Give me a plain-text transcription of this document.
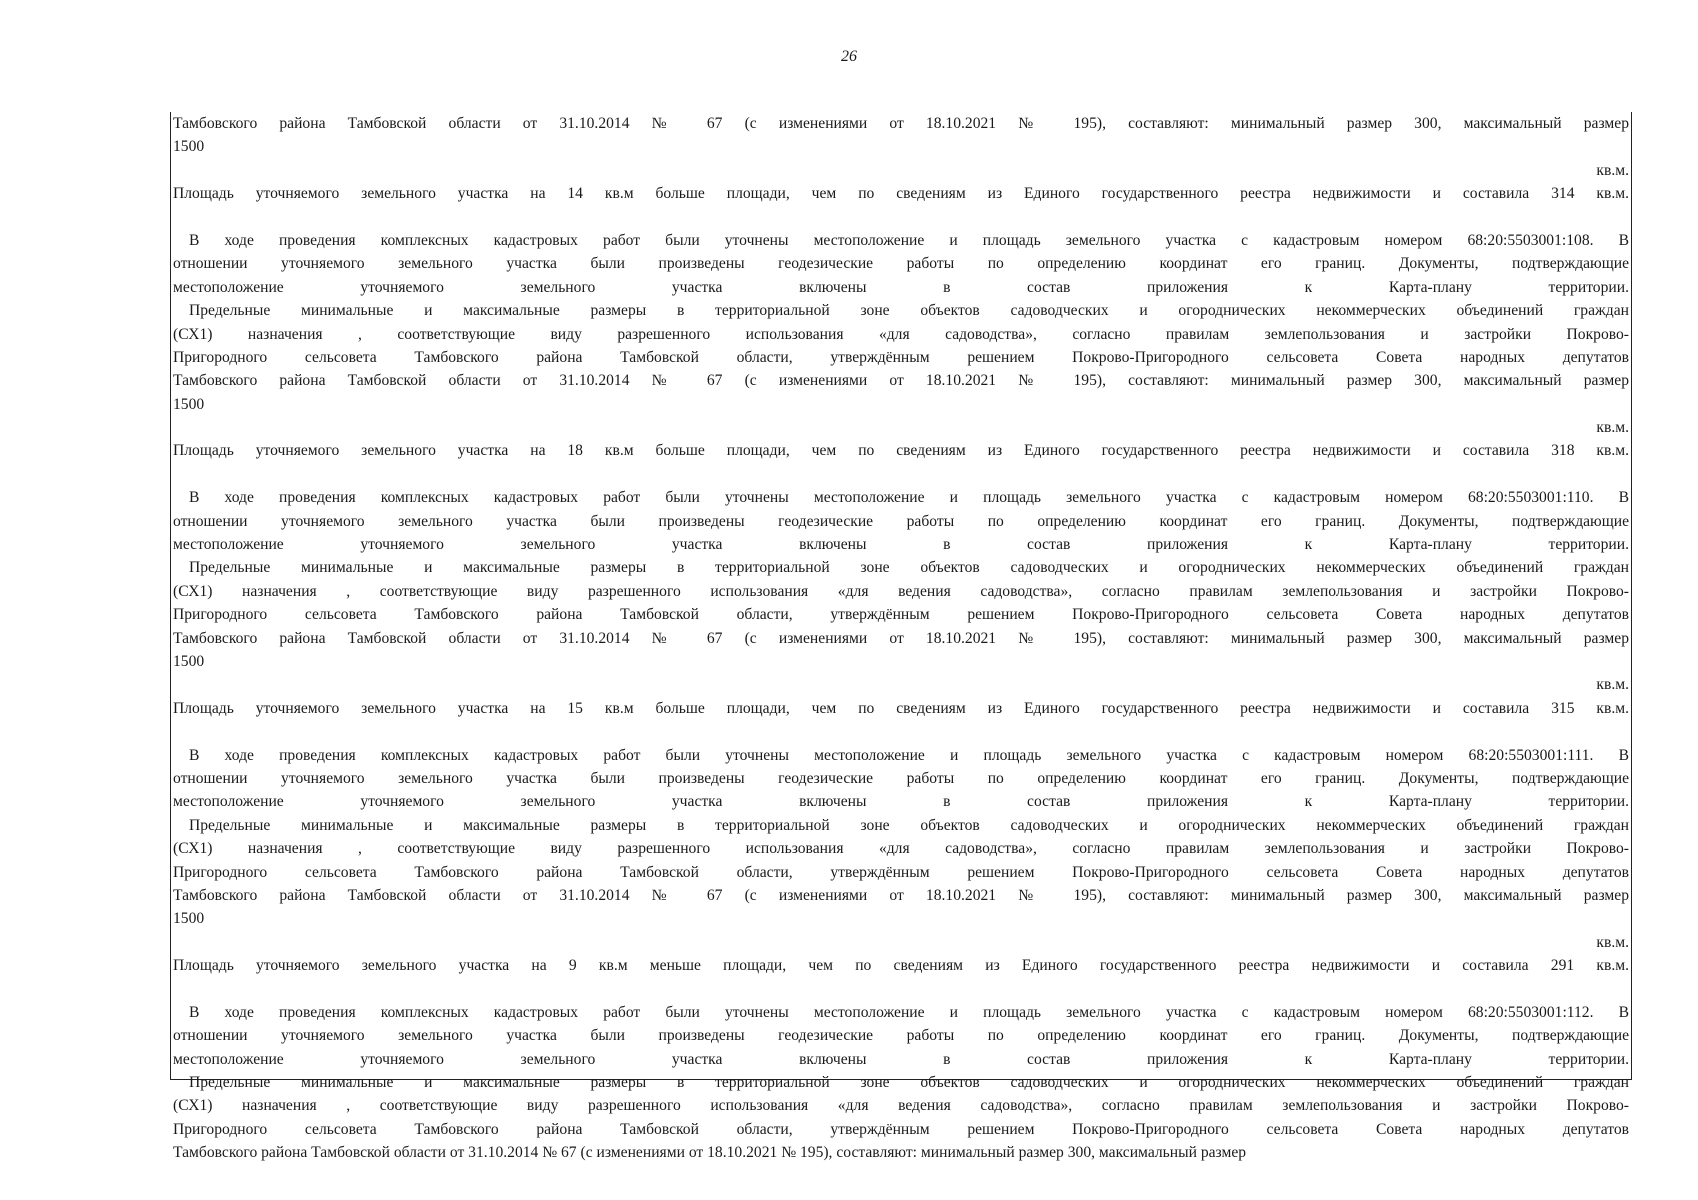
26
Тамбовского района Тамбовской области от 31.10.2014 № 67 (с изменениями от 18.10.2021 № 195), составляют: минимальный размер 300, максимальный размер
1500
кв.м.
Площадь уточняемого земельного участка на 14 кв.м больше площади, чем по сведениям из Единого государственного реестра недвижимости и составила 314 кв.м.
В ходе проведения комплексных кадастровых работ были уточнены местоположение и площадь земельного участка с кадастровым номером 68:20:5503001:108. В
отношении уточняемого земельного участка были произведены геодезические работы по определению координат его границ. Документы, подтверждающие
местоположение уточняемого земельного участка включены в состав приложения к Карта-плану территории.
Предельные минимальные и максимальные размеры в территориальной зоне объектов садоводческих и огороднических некоммерческих объединений граждан
(СХ1) назначения , соответствующие виду разрешенного использования «для садоводства», согласно правилам землепользования и застройки Покрово-
Пригородного сельсовета Тамбовского района Тамбовской области, утверждённым решением Покрово-Пригородного сельсовета Совета народных депутатов
Тамбовского района Тамбовской области от 31.10.2014 № 67 (с изменениями от 18.10.2021 № 195), составляют: минимальный размер 300, максимальный размер
1500
кв.м.
Площадь уточняемого земельного участка на 18 кв.м больше площади, чем по сведениям из Единого государственного реестра недвижимости и составила 318 кв.м.
В ходе проведения комплексных кадастровых работ были уточнены местоположение и площадь земельного участка с кадастровым номером 68:20:5503001:110. В
отношении уточняемого земельного участка были произведены геодезические работы по определению координат его границ. Документы, подтверждающие
местоположение уточняемого земельного участка включены в состав приложения к Карта-плану территории.
Предельные минимальные и максимальные размеры в территориальной зоне объектов садоводческих и огороднических некоммерческих объединений граждан
(СХ1) назначения , соответствующие виду разрешенного использования «для ведения садоводства», согласно правилам землепользования и застройки Покрово-
Пригородного сельсовета Тамбовского района Тамбовской области, утверждённым решением Покрово-Пригородного сельсовета Совета народных депутатов
Тамбовского района Тамбовской области от 31.10.2014 № 67 (с изменениями от 18.10.2021 № 195), составляют: минимальный размер 300, максимальный размер
1500
кв.м.
Площадь уточняемого земельного участка на 15 кв.м больше площади, чем по сведениям из Единого государственного реестра недвижимости и составила 315 кв.м.
В ходе проведения комплексных кадастровых работ были уточнены местоположение и площадь земельного участка с кадастровым номером 68:20:5503001:111. В
отношении уточняемого земельного участка были произведены геодезические работы по определению координат его границ. Документы, подтверждающие
местоположение уточняемого земельного участка включены в состав приложения к Карта-плану территории.
Предельные минимальные и максимальные размеры в территориальной зоне объектов садоводческих и огороднических некоммерческих объединений граждан
(СХ1) назначения , соответствующие виду разрешенного использования «для садоводства», согласно правилам землепользования и застройки Покрово-
Пригородного сельсовета Тамбовского района Тамбовской области, утверждённым решением Покрово-Пригородного сельсовета Совета народных депутатов
Тамбовского района Тамбовской области от 31.10.2014 № 67 (с изменениями от 18.10.2021 № 195), составляют: минимальный размер 300, максимальный размер
1500
кв.м.
Площадь уточняемого земельного участка на 9 кв.м меньше площади, чем по сведениям из Единого государственного реестра недвижимости и составила 291 кв.м.
В ходе проведения комплексных кадастровых работ были уточнены местоположение и площадь земельного участка с кадастровым номером 68:20:5503001:112. В
отношении уточняемого земельного участка были произведены геодезические работы по определению координат его границ. Документы, подтверждающие
местоположение уточняемого земельного участка включены в состав приложения к Карта-плану территории.
Предельные минимальные и максимальные размеры в территориальной зоне объектов садоводческих и огороднических некоммерческих объединений граждан
(СХ1) назначения , соответствующие виду разрешенного использования «для ведения садоводства», согласно правилам землепользования и застройки Покрово-
Пригородного сельсовета Тамбовского района Тамбовской области, утверждённым решением Покрово-Пригородного сельсовета Совета народных депутатов
Тамбовского района Тамбовской области от 31.10.2014 № 67 (с изменениями от 18.10.2021 № 195), составляют: минимальный размер 300, максимальный размер
